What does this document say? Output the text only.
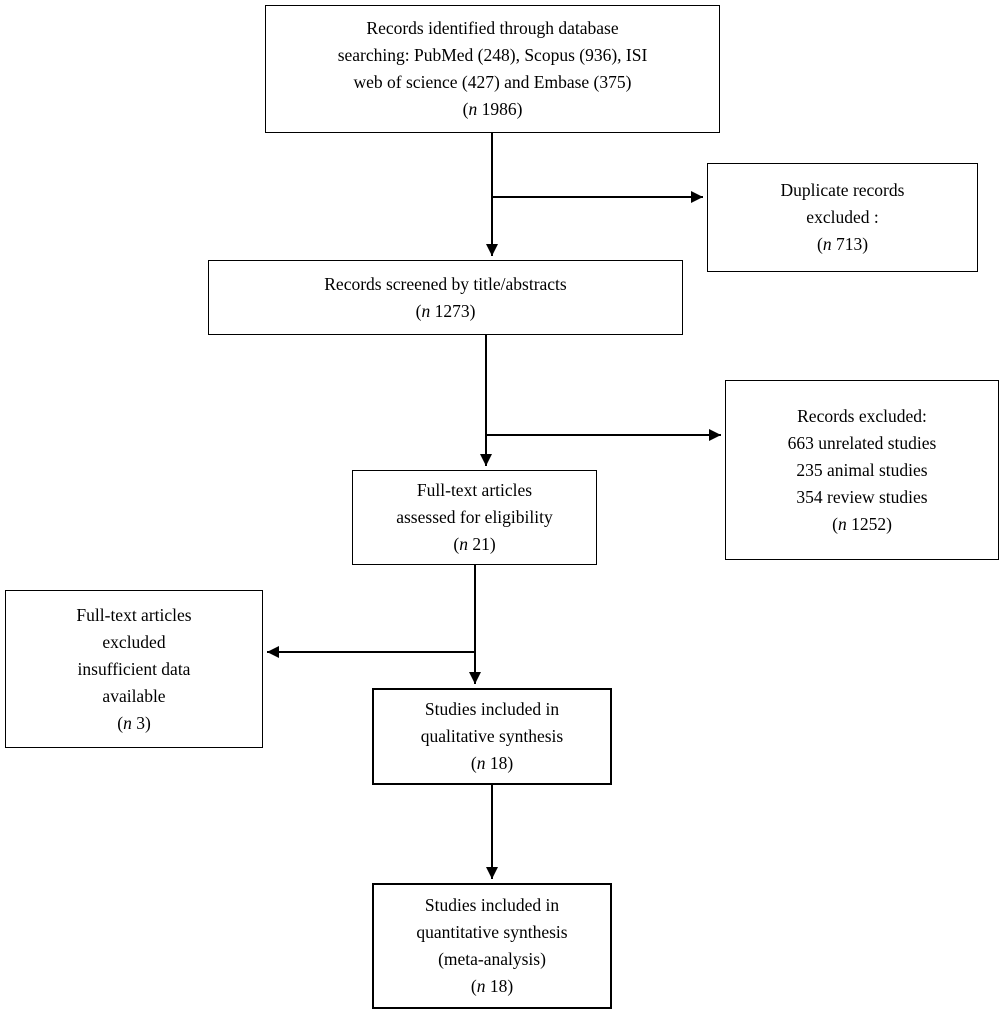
Records identified through database
searching: PubMed (248), Scopus (936), ISI
web of science (427) and Embase (375)
(n 1986)
Duplicate records
excluded :
(n 713)
Records screened by title/abstracts
(n 1273)
Records excluded:
663 unrelated studies
235 animal studies
354 review studies
(n 1252)
Full-text articles
assessed for eligibility
(n 21)
Full-text articles
excluded
insufficient data
available
(n 3)
Studies included in
qualitative synthesis
(n 18)
Studies included in
quantitative synthesis
(meta-analysis)
(n 18)
